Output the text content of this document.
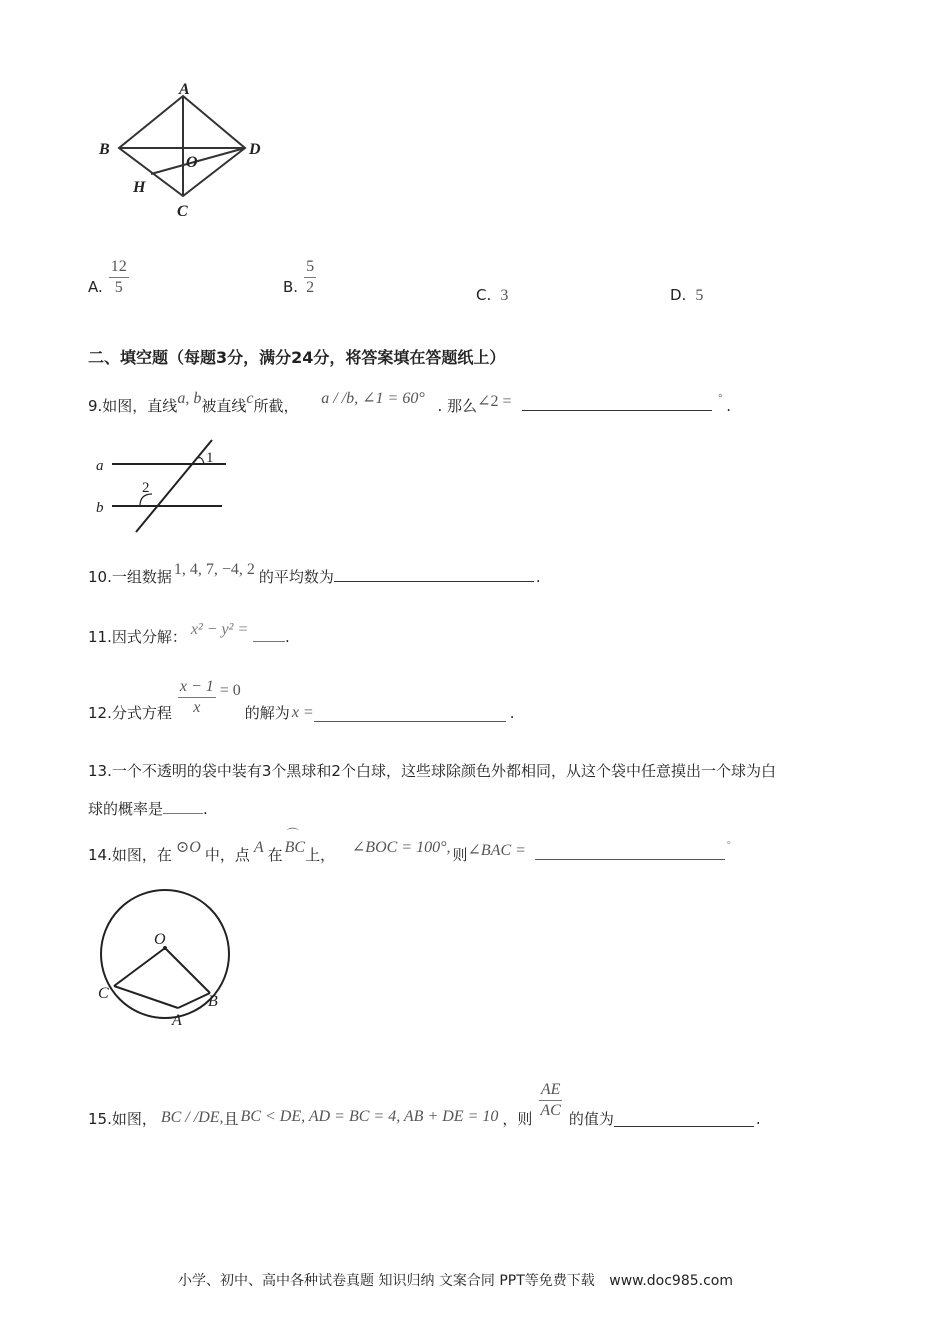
A
B	D
O
H
C
A. $\frac{12}{5}$	B. $\frac{5}{2}$	C. 3	D. 5
二、填空题（每题3分，满分24分，将答案填在答题纸上）
9.如图，直线a, b被直线c所截， a / /b, ∠1 = 60° . 那么∠2 =	° .
a
b
1
2
10.一组数据 1, 4, 7, −4, 2 的平均数为	.
11.因式分解： x² − y² = .
12.分式方程 $\frac{x - 1}{x} = 0$
的解为 x =	.
13.一个不透明的袋中装有3个黑球和2个白球，这些球除颜色外都相同，从这个袋中任意摸出一个球为白
球的概率是	.
14.如图，在 ⊙O 中，点 A 在
⌒
BC上， ∠BOC = 100°, 则∠BAC =	°
O
C
A
B
15.如图， BC / /DE, 且 BC < DE, AD = BC = 4, AB + DE = 10 ，则 $\frac{AE}{AC}$ 的值为	.
小学、初中、高中各种试卷真题 知识归纳 文案合同 PPT等免费下载 www.doc985.com
